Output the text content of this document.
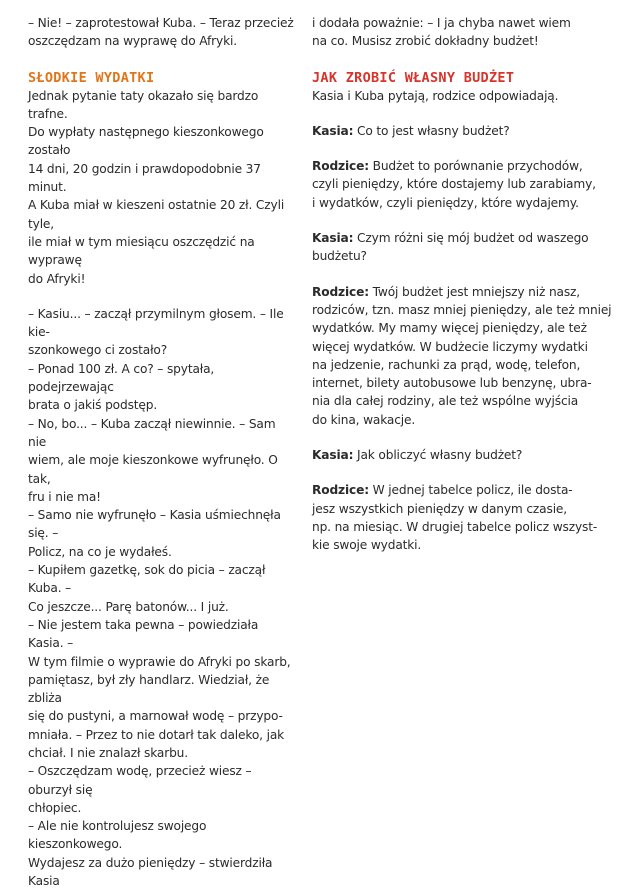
– Nie! – zaprotestował Kuba. – Teraz przecież
oszczędzam na wyprawę do Afryki.

SŁODKIE WYDATKI

Jednak pytanie taty okazało się bardzo trafne.
Do wypłaty następnego kieszonkowego zostało
14 dni, 20 godzin i prawdopodobnie 37 minut.
A Kuba miał w kieszeni ostatnie 20 zł. Czyli tyle,
ile miał w tym miesiącu oszczędzić na wyprawę
do Afryki!

– Kasiu... – zaczął przymilnym głosem. – Ile kie-
szonkowego ci zostało?
– Ponad 100 zł. A co? – spytała, podejrzewając
brata o jakiś podstęp.
– No, bo... – Kuba zaczął niewinnie. – Sam nie
wiem, ale moje kieszonkowe wyfrunęło. O tak,
fru i nie ma!
– Samo nie wyfrunęło – Kasia uśmiechnęła się. –
Policz, na co je wydałeś.
– Kupiłem gazetkę, sok do picia – zaczął Kuba. –
Co jeszcze... Parę batonów... I już.
– Nie jestem taka pewna – powiedziała Kasia. –
W tym filmie o wyprawie do Afryki po skarb,
pamiętasz, był zły handlarz. Wiedział, że zbliża
się do pustyni, a marnował wodę – przypo-
mniała. – Przez to nie dotarł tak daleko, jak
chciał. I nie znalazł skarbu.
– Oszczędzam wodę, przecież wiesz – oburzył się
chłopiec.
– Ale nie kontrolujesz swojego kieszonkowego.
Wydajesz za dużo pieniędzy – stwierdziła Kasia

i dodała poważnie: – I ja chyba nawet wiem
na co. Musisz zrobić dokładny budżet!

JAK ZROBIĆ WŁASNY BUDŻET

Kasia i Kuba pytają, rodzice odpowiadają.

Kasia: Co to jest własny budżet?

Rodzice: Budżet to porównanie przychodów,
czyli pieniędzy, które dostajemy lub zarabiamy,
i wydatków, czyli pieniędzy, które wydajemy.

Kasia: Czym różni się mój budżet od waszego
budżetu?

Rodzice: Twój budżet jest mniejszy niż nasz,
rodziców, tzn. masz mniej pieniędzy, ale też mniej
wydatków. My mamy więcej pieniędzy, ale też
więcej wydatków. W budżecie liczymy wydatki
na jedzenie, rachunki za prąd, wodę, telefon,
internet, bilety autobusowe lub benzynę, ubra-
nia dla całej rodziny, ale też wspólne wyjścia
do kina, wakacje.

Kasia: Jak obliczyć własny budżet?

Rodzice: W jednej tabelce policz, ile dosta-
jesz wszystkich pieniędzy w danym czasie,
np. na miesiąc. W drugiej tabelce policz wszyst-
kie swoje wydatki.
